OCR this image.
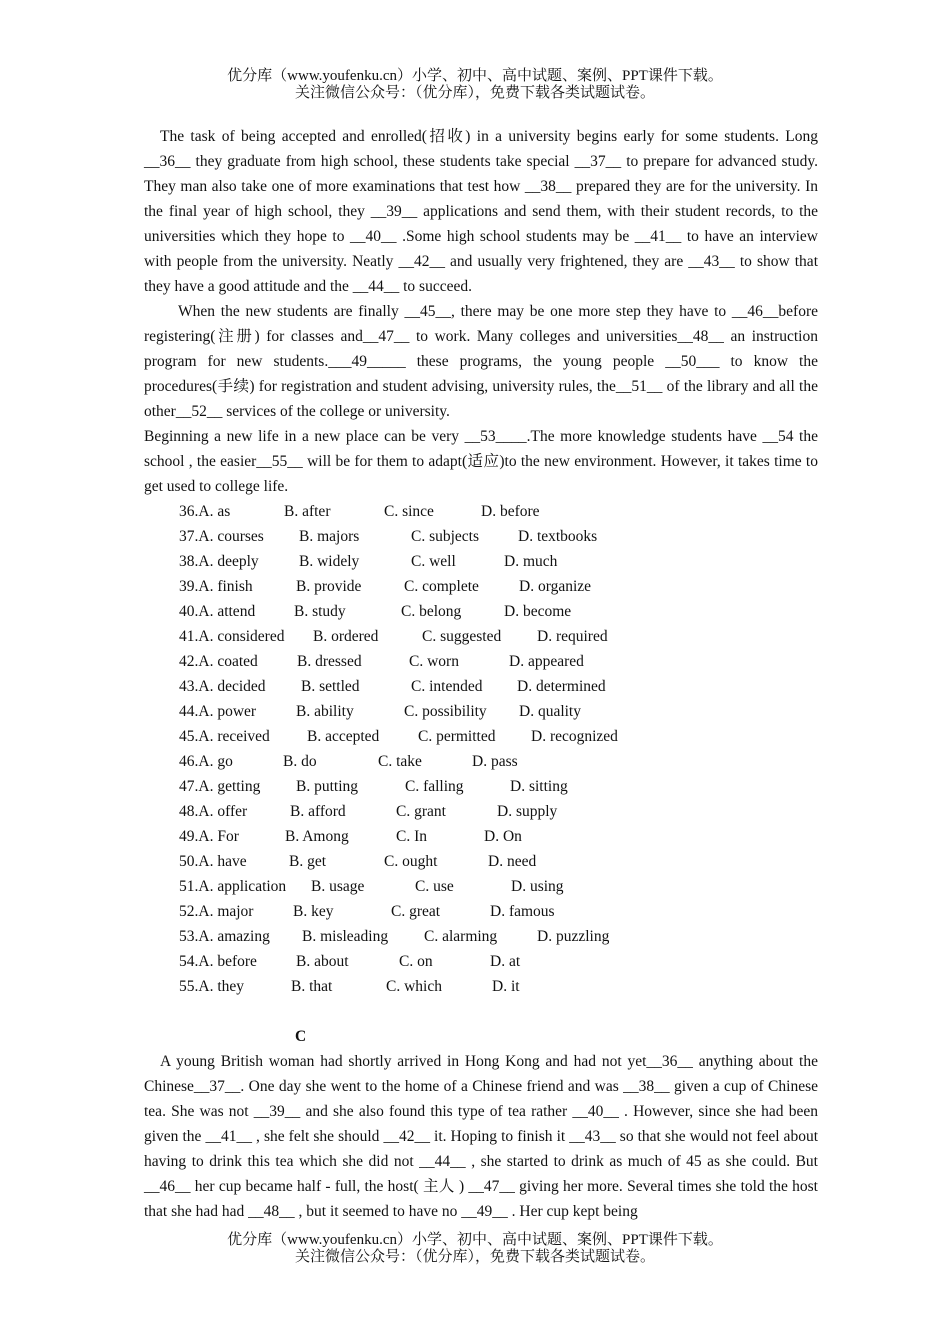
优分库（www.youfenku.cn）小学、初中、高中试题、案例、PPT课件下载。
关注微信公众号：（优分库），免费下载各类试题试卷。

The task of being accepted and enrolled(招收) in a university begins early for some students. Long __36__ they graduate from high school, these students take special __37__ to prepare for advanced study. They man also take one of more examinations that test how __38__ prepared they are for the university. In the final year of high school, they __39__ applications and send them, with their student records, to the universities which they hope to __40__ .Some high school students may be __41__ to have an interview with people from the university. Neatly __42__ and usually very frightened, they are __43__ to show that they have a good attitude and the __44__ to succeed.

When the new students are finally __45__, there may be one more step they have to __46__before registering(注册) for classes and__47__ to work. Many colleges and universities__48__ an instruction program for new students.___49_____ these programs, the young people __50___ to know the procedures(手续) for registration and student advising, university rules, the__51__ of the library and all the other__52__ services of the college or university.

Beginning a new life in a new place can be very __53____.The more knowledge students have __54 the school , the easier__55__ will be for them to adapt(适应)to the new environment. However, it takes time to get used to college life.

36.A. as	B. after	C. since	D. before
37.A. courses B. majors	C. subjects	D. textbooks
38.A. deeply	B. widely	C. well	D. much
39.A. finish	B. provide	C. complete	D. organize
40.A. attend	B. study	C. belong	D. become
41.A. considered B. ordered	C. suggested D. required
42.A. coated	B. dressed	C. worn	D. appeared
43.A. decided B. settled	C. intended D. determined
44.A. power	B. ability	C. possibility D. quality
45.A. received B. accepted C. permitted D. recognized
46.A. go	B. do	C. take	D. pass
47.A. getting B. putting	C. falling	D. sitting
48.A. offer	B. afford	C. grant	D. supply
49.A. For	B. Among	C. In	D. On
50.A. have	B. get	C. ought	D. need
51.A. application B. usage	C. use	D. using
52.A. major	B. key	C. great	D. famous
53.A. amazing B. misleading C. alarming	D. puzzling
54.A. before	B. about	C. on	D. at
55.A. they	B. that	C. which	D. it
C

A young British woman had shortly arrived in Hong Kong and had not yet__36__ anything about the Chinese__37__. One day she went to the home of a Chinese friend and was __38__ given a cup of Chinese tea. She was not __39__ and she also found this type of tea rather __40__ . However, since she had been given the __41__ , she felt she should __42__ it. Hoping to finish it __43__ so that she would not feel about having to drink this tea which she did not __44__ , she started to drink as much of 45 as she could. But __46__ her cup became half - full, the host( 主人 ) __47__ giving her more. Several times she told the host that she had had __48__ , but it seemed to have no __49__ . Her cup kept being

优分库（www.youfenku.cn）小学、初中、高中试题、案例、PPT课件下载。
关注微信公众号：（优分库），免费下载各类试题试卷。
